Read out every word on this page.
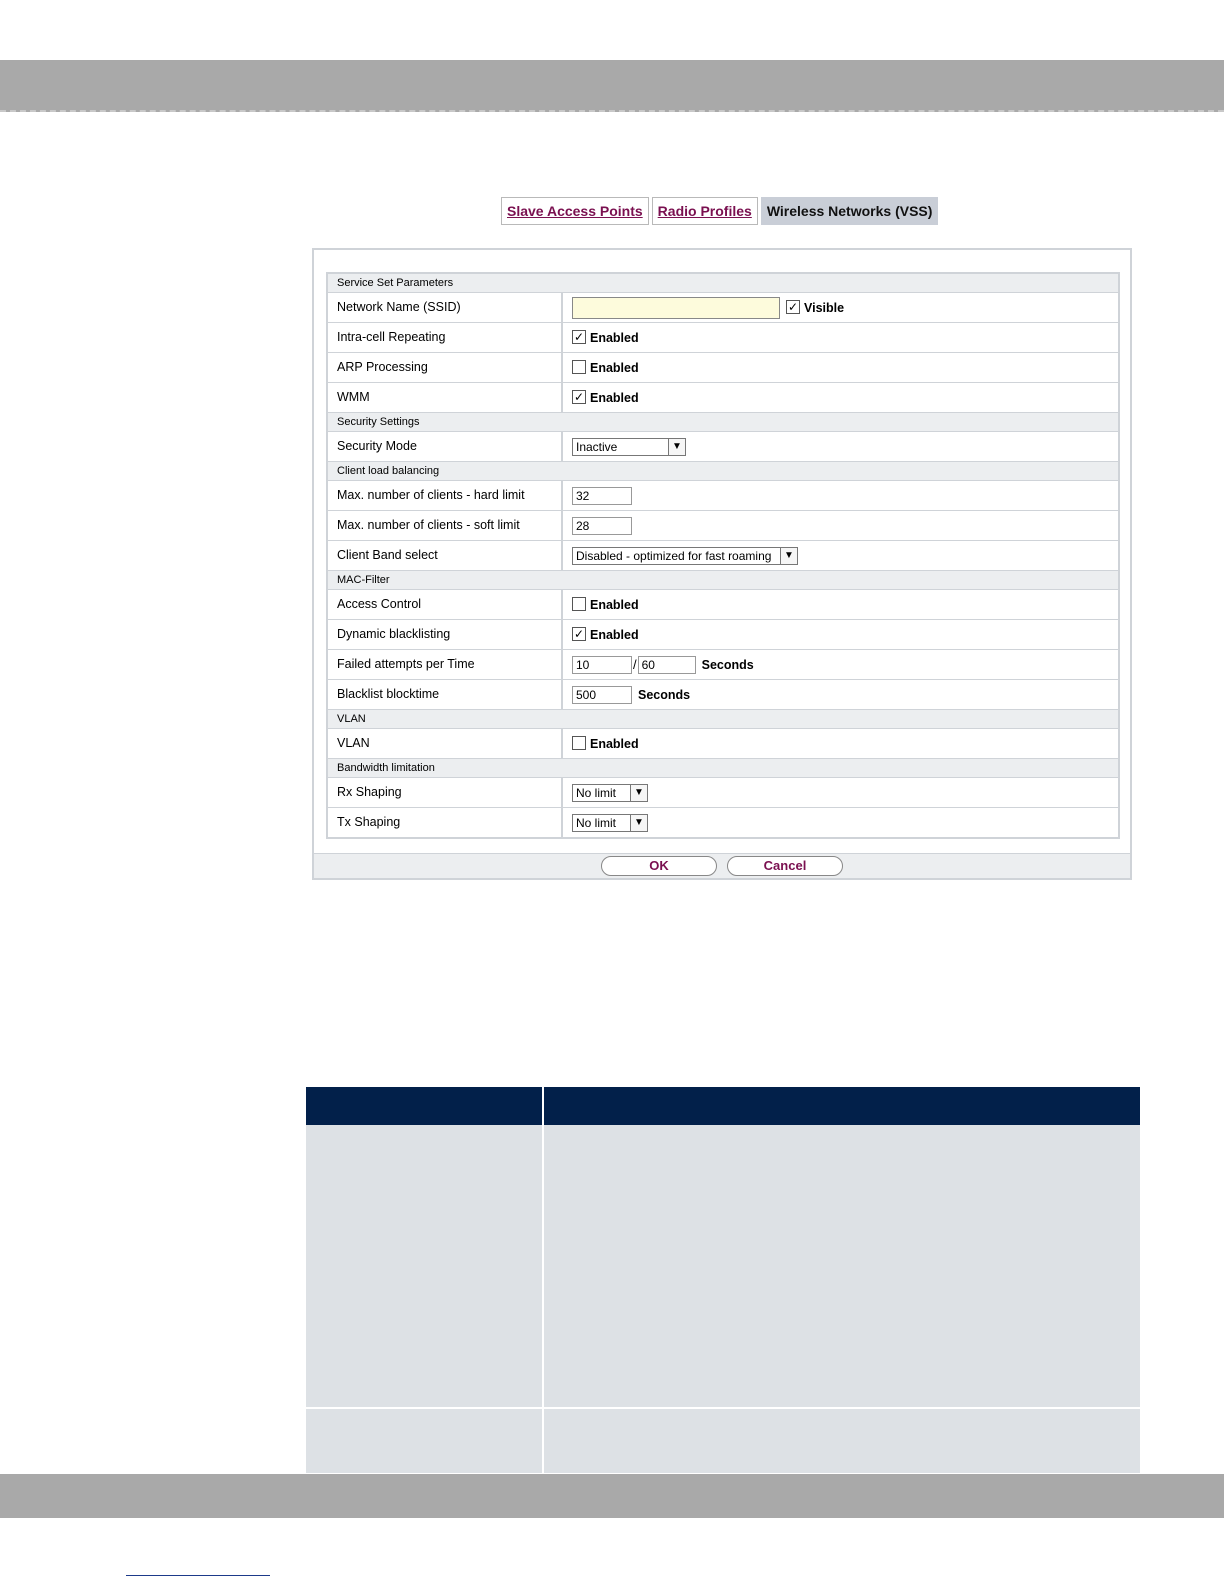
Slave Access Points	Radio Profiles	Wireless Networks (VSS)
Service Set Parameters
Network Name (SSID)	✓ Visible
Intra-cell Repeating	✓ Enabled
ARP Processing	Enabled
WMM	✓ Enabled
Security Settings
Security Mode	Inactive	▼
Client load balancing
Max. number of clients - hard limit	32
Max. number of clients - soft limit	28
Client Band select	Disabled - optimized for fast roaming	▼
MAC-Filter
Access Control	Enabled
Dynamic blacklisting	✓ Enabled
Failed attempts per Time	10	/ 60	Seconds
Blacklist blocktime	500	Seconds
VLAN
VLAN	Enabled
Bandwidth limitation
Rx Shaping	No limit	▼
Tx Shaping	No limit	▼
OK	Cancel
